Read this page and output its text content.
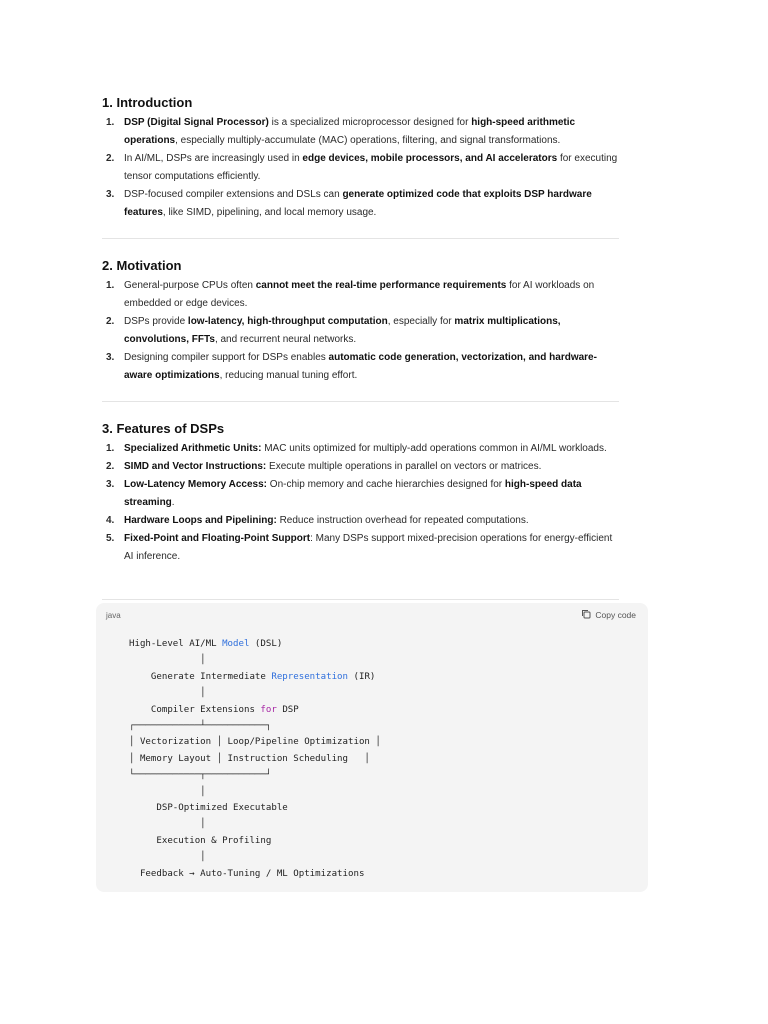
1. Introduction
1. DSP (Digital Signal Processor) is a specialized microprocessor designed for high-speed arithmetic operations, especially multiply-accumulate (MAC) operations, filtering, and signal transformations.
2. In AI/ML, DSPs are increasingly used in edge devices, mobile processors, and AI accelerators for executing tensor computations efficiently.
3. DSP-focused compiler extensions and DSLs can generate optimized code that exploits DSP hardware features, like SIMD, pipelining, and local memory usage.
2. Motivation
1. General-purpose CPUs often cannot meet the real-time performance requirements for AI workloads on embedded or edge devices.
2. DSPs provide low-latency, high-throughput computation, especially for matrix multiplications, convolutions, FFTs, and recurrent neural networks.
3. Designing compiler support for DSPs enables automatic code generation, vectorization, and hardware-aware optimizations, reducing manual tuning effort.
3. Features of DSPs
1. Specialized Arithmetic Units: MAC units optimized for multiply-add operations common in AI/ML workloads.
2. SIMD and Vector Instructions: Execute multiple operations in parallel on vectors or matrices.
3. Low-Latency Memory Access: On-chip memory and cache hierarchies designed for high-speed data streaming.
4. Hardware Loops and Pipelining: Reduce instruction overhead for repeated computations.
5. Fixed-Point and Floating-Point Support: Many DSPs support mixed-precision operations for energy-efficient AI inference.
java	Copy code
High-Level AI/ML Model (DSL)
│
Generate Intermediate Representation (IR)
│
Compiler Extensions for DSP
┌────────────┴───────────┐
│ Vectorization │ Loop/Pipeline Optimization │
│ Memory Layout │ Instruction Scheduling   │
└────────────┬───────────┘
│
DSP-Optimized Executable
│
Execution & Profiling
│
Feedback → Auto-Tuning / ML Optimizations
